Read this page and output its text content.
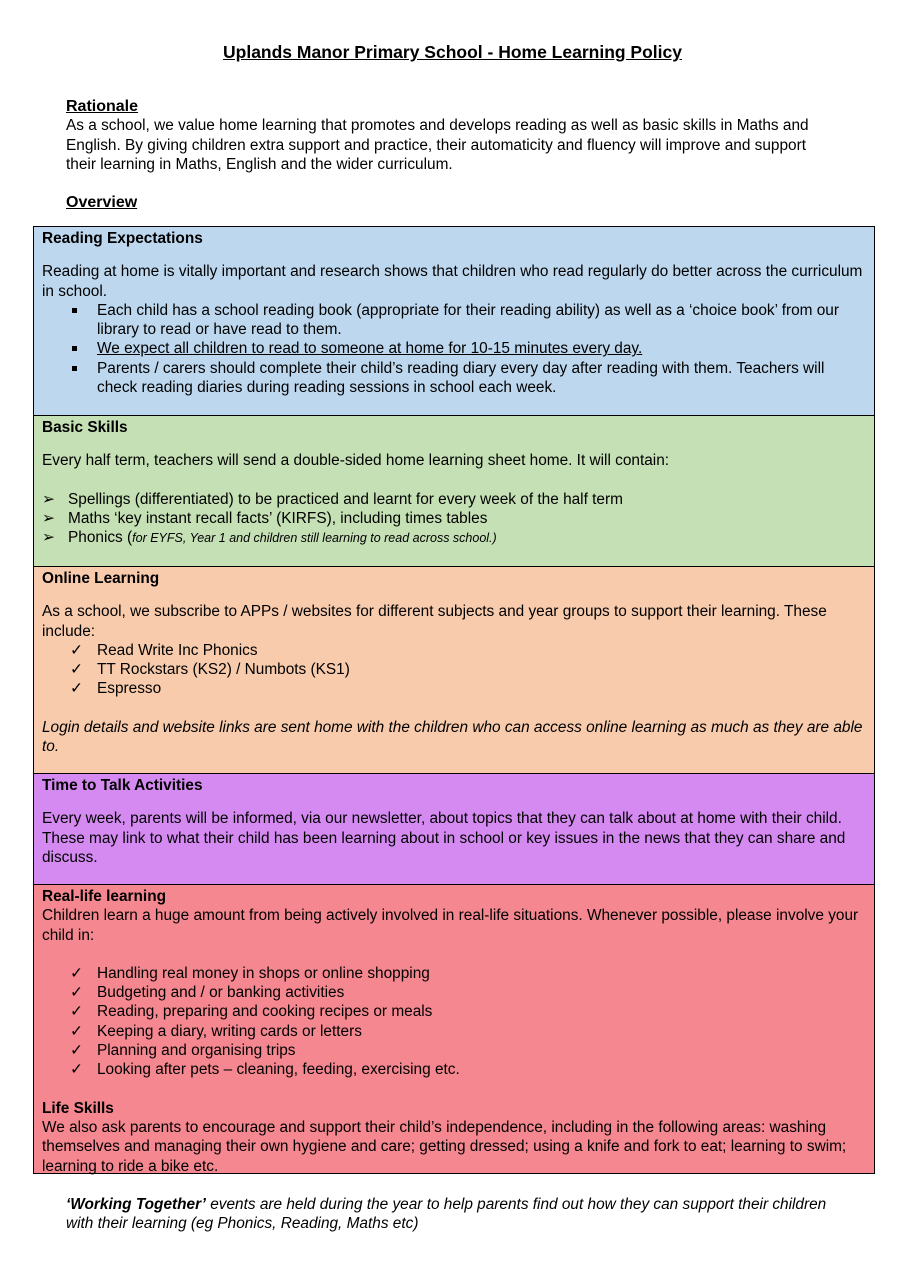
Uplands Manor Primary School - Home Learning Policy
Rationale
As a school, we value home learning that promotes and develops reading as well as basic skills in Maths and English. By giving children extra support and practice, their automaticity and fluency will improve and support their learning in Maths, English and the wider curriculum.
Overview
Reading Expectations
Reading at home is vitally important and research shows that children who read regularly do better across the curriculum in school.
Each child has a school reading book (appropriate for their reading ability) as well as a ‘choice book’ from our library to read or have read to them.
We expect all children to read to someone at home for 10-15 minutes every day.
Parents / carers should complete their child’s reading diary every day after reading with them. Teachers will check reading diaries during reading sessions in school each week.
Basic Skills
Every half term, teachers will send a double-sided home learning sheet home. It will contain:
➢ Spellings (differentiated) to be practiced and learnt for every week of the half term
➢ Maths ‘key instant recall facts’ (KIRFS), including times tables
➢ Phonics (for EYFS, Year 1 and children still learning to read across school.)
Online Learning
As a school, we subscribe to APPs / websites for different subjects and year groups to support their learning. These include:
✓ Read Write Inc Phonics
✓ TT Rockstars (KS2) / Numbots (KS1)
✓ Espresso
Login details and website links are sent home with the children who can access online learning as much as they are able to.
Time to Talk Activities
Every week, parents will be informed, via our newsletter, about topics that they can talk about at home with their child. These may link to what their child has been learning about in school or key issues in the news that they can share and discuss.
Real-life learning
Children learn a huge amount from being actively involved in real-life situations. Whenever possible, please involve your child in:
✓ Handling real money in shops or online shopping
✓ Budgeting and / or banking activities
✓ Reading, preparing and cooking recipes or meals
✓ Keeping a diary, writing cards or letters
✓ Planning and organising trips
✓ Looking after pets – cleaning, feeding, exercising etc.
Life Skills
We also ask parents to encourage and support their child’s independence, including in the following areas: washing themselves and managing their own hygiene and care; getting dressed; using a knife and fork to eat; learning to swim; learning to ride a bike etc.
‘Working Together’ events are held during the year to help parents find out how they can support their children with their learning (eg Phonics, Reading, Maths etc)
